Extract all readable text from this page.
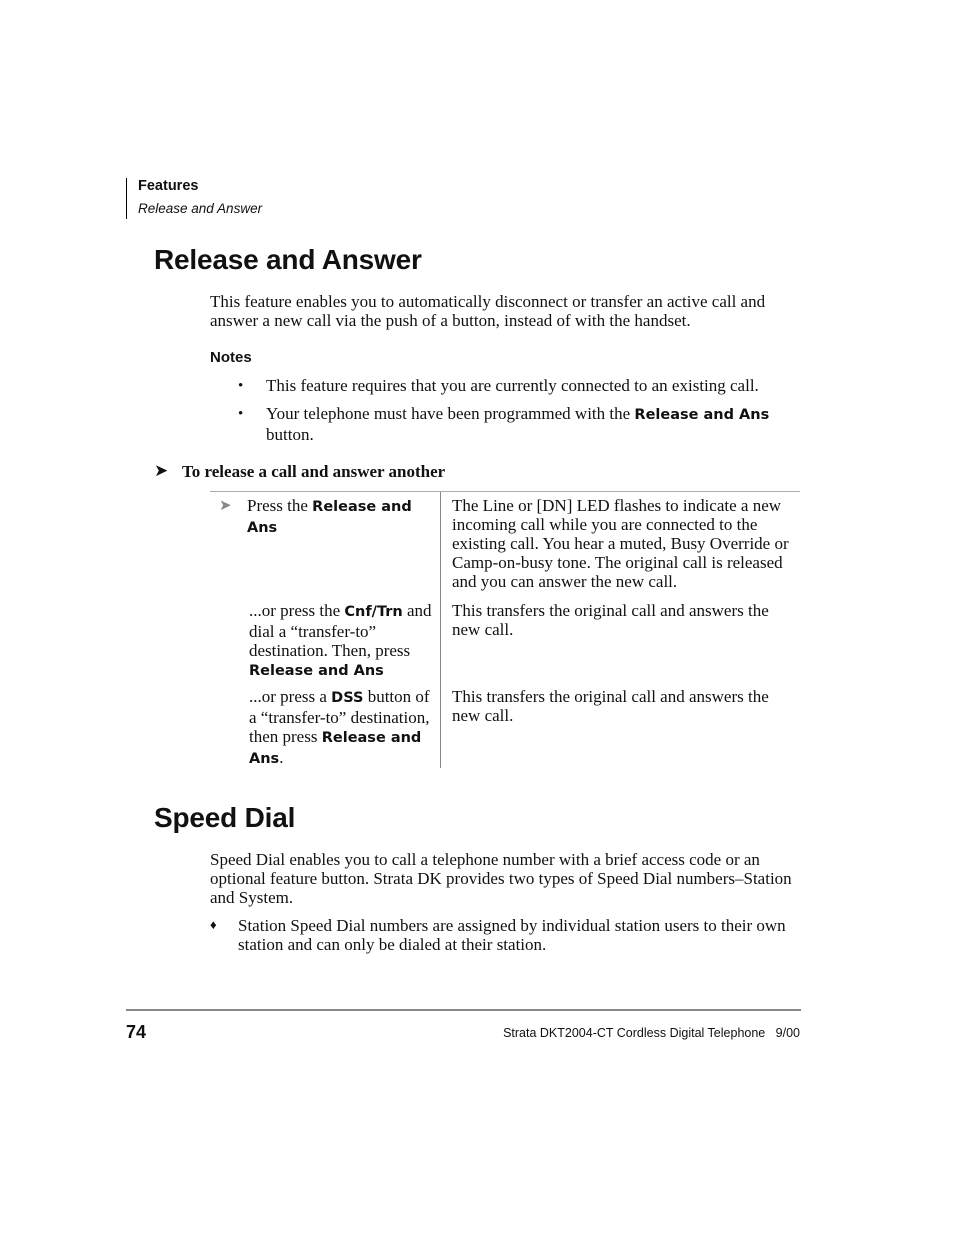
Features
Release and Answer
Release and Answer

This feature enables you to automatically disconnect or transfer an active call and answer a new call via the push of a button, instead of with the handset.

Notes
• This feature requires that you are currently connected to an existing call.
• Your telephone must have been programmed with the Release and Ans button.
➤ To release a call and answer another
➤ Press the Release and Ans

The Line or [DN] LED flashes to indicate a new incoming call while you are connected to the existing call. You hear a muted, Busy Override or Camp-on-busy tone. The original call is released and you can answer the new call.

...or press the Cnf/Trn and dial a “transfer-to” destination. Then, press Release and Ans

This transfers the original call and answers the new call.

...or press a DSS button of a “transfer-to” destination, then press Release and Ans.

This transfers the original call and answers the new call.

Speed Dial

Speed Dial enables you to call a telephone number with a brief access code or an optional feature button. Strata DK provides two types of Speed Dial numbers–Station and System.

♦ Station Speed Dial numbers are assigned by individual station users to their own station and can only be dialed at their station.

74	Strata DKT2004-CT Cordless Digital Telephone   9/00
